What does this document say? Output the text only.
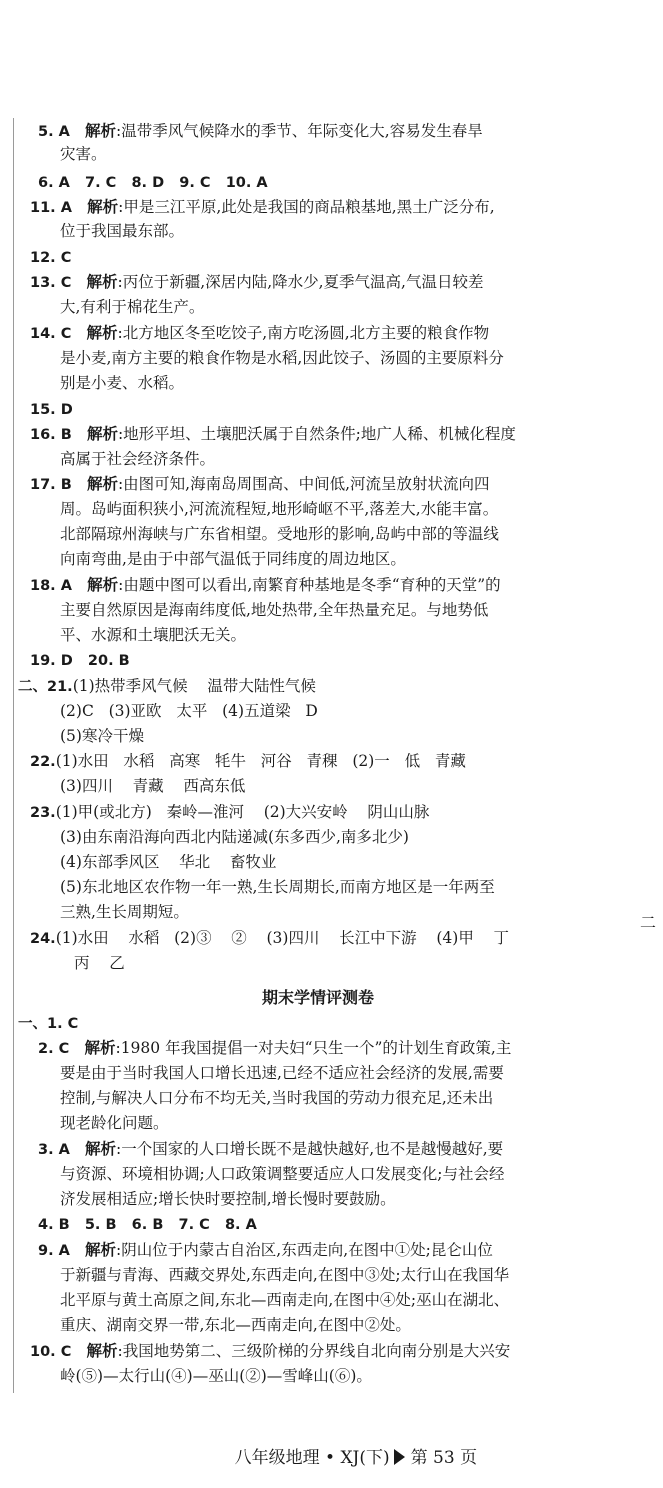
5. A   解析:温带季风气候降水的季节、年际变化大,容易发生春旱
灾害。
6. A   7. C   8. D   9. C   10. A
11. A   解析:甲是三江平原,此处是我国的商品粮基地,黑土广泛分布,
位于我国最东部。
12. C
13. C   解析:丙位于新疆,深居内陆,降水少,夏季气温高,气温日较差
大,有利于棉花生产。
14. C   解析:北方地区冬至吃饺子,南方吃汤圆,北方主要的粮食作物
是小麦,南方主要的粮食作物是水稻,因此饺子、汤圆的主要原料分
别是小麦、水稻。
15. D
16. B   解析:地形平坦、土壤肥沃属于自然条件;地广人稀、机械化程度
高属于社会经济条件。
17. B   解析:由图可知,海南岛周围高、中间低,河流呈放射状流向四
周。岛屿面积狭小,河流流程短,地形崎岖不平,落差大,水能丰富。
北部隔琼州海峡与广东省相望。受地形的影响,岛屿中部的等温线
向南弯曲,是由于中部气温低于同纬度的周边地区。
18. A   解析:由题中图可以看出,南繁育种基地是冬季“育种的天堂”的
主要自然原因是海南纬度低,地处热带,全年热量充足。与地势低
平、水源和土壤肥沃无关。
19. D   20. B
二、21.(1)热带季风气候    温带大陆性气候
(2)C   (3)亚欧   太平   (4)五道梁   D
(5)寒冷干燥
22.(1)水田   水稻   高寒   牦牛   河谷   青稞   (2)一   低   青藏
(3)四川    青藏    西高东低
23.(1)甲(或北方)   秦岭—淮河    (2)大兴安岭    阴山山脉
(3)由东南沿海向西北内陆递减(东多西少,南多北少)
(4)东部季风区    华北    畜牧业
(5)东北地区农作物一年一熟,生长周期长,而南方地区是一年两至
三熟,生长周期短。
24.(1)水田    水稻   (2)③    ②    (3)四川    长江中下游    (4)甲    丁
丙    乙
一、1. C
2. C   解析:1980 年我国提倡一对夫妇“只生一个”的计划生育政策,主
要是由于当时我国人口增长迅速,已经不适应社会经济的发展,需要
控制,与解决人口分布不均无关,当时我国的劳动力很充足,还未出
现老龄化问题。
3. A   解析:一个国家的人口增长既不是越快越好,也不是越慢越好,要
与资源、环境相协调;人口政策调整要适应人口发展变化;与社会经
济发展相适应;增长快时要控制,增长慢时要鼓励。
4. B   5. B   6. B   7. C   8. A
9. A   解析:阴山位于内蒙古自治区,东西走向,在图中①处;昆仑山位
于新疆与青海、西藏交界处,东西走向,在图中③处;太行山在我国华
北平原与黄土高原之间,东北—西南走向,在图中④处;巫山在湖北、
重庆、湖南交界一带,东北—西南走向,在图中②处。
10. C   解析:我国地势第二、三级阶梯的分界线自北向南分别是大兴安
岭(⑤)—太行山(④)—巫山(②)—雪峰山(⑥)。
期末学情评测卷
二

八年级地理 • XJ(下) 第 53 页
